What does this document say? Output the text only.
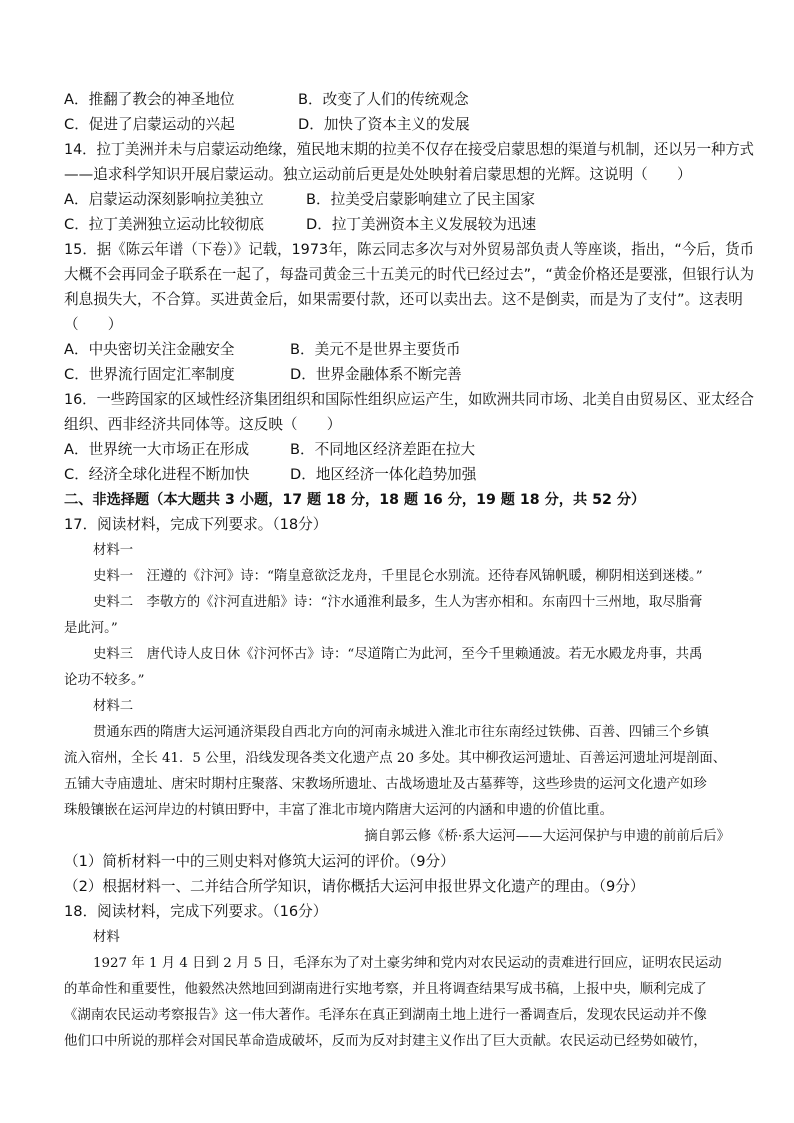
A．推翻了教会的神圣地位	B．改变了人们的传统观念
C．促进了启蒙运动的兴起	D．加快了资本主义的发展
14．拉丁美洲并未与启蒙运动绝缘，殖民地末期的拉美不仅存在接受启蒙思想的渠道与机制，还以另一种方式
——追求科学知识开展启蒙运动。独立运动前后更是处处映射着启蒙思想的光辉。这说明（　　）
A．启蒙运动深刻影响拉美独立	B．拉美受启蒙影响建立了民主国家
C．拉丁美洲独立运动比较彻底	D．拉丁美洲资本主义发展较为迅速
15．据《陈云年谱（下卷）》记载，1973年，陈云同志多次与对外贸易部负责人等座谈，指出，“今后，货币
大概不会再同金子联系在一起了，每盎司黄金三十五美元的时代已经过去”，“黄金价格还是要涨，但银行认为
利息损失大，不合算。买进黄金后，如果需要付款，还可以卖出去。这不是倒卖，而是为了支付”。这表明
（　　）
A．中央密切关注金融安全	B．美元不是世界主要货币
C．世界流行固定汇率制度	D．世界金融体系不断完善
16．一些跨国家的区域性经济集团组织和国际性组织应运产生，如欧洲共同市场、北美自由贸易区、亚太经合
组织、西非经济共同体等。这反映（　　）
A．世界统一大市场正在形成	B．不同地区经济差距在拉大
C．经济全球化进程不断加快	D．地区经济一体化趋势加强
二、非选择题（本大题共 3 小题，17 题 18 分，18 题 16 分，19 题 18 分，共 52 分）
17．阅读材料，完成下列要求。（18分）
材料一
史料一　汪遵的《汴河》诗：“隋皇意欲泛龙舟，千里昆仑水别流。还待春风锦帆暖，柳阴相送到迷楼。”
史料二　李敬方的《汴河直进船》诗：“汴水通淮利最多，生人为害亦相和。东南四十三州地，取尽脂膏
是此河。”
史料三　唐代诗人皮日休《汴河怀古》诗：“尽道隋亡为此河，至今千里赖通波。若无水殿龙舟事，共禹
论功不较多。”
材料二
贯通东西的隋唐大运河通济渠段自西北方向的河南永城进入淮北市往东南经过铁佛、百善、四铺三个乡镇
流入宿州，全长 41．5 公里，沿线发现各类文化遗产点 20 多处。其中柳孜运河遗址、百善运河遗址河堤剖面、
五铺大寺庙遗址、唐宋时期村庄聚落、宋教场所遗址、古战场遗址及古墓葬等，这些珍贵的运河文化遗产如珍
珠般镶嵌在运河岸边的村镇田野中，丰富了淮北市境内隋唐大运河的内涵和申遗的价值比重。
摘自郭云修《桥·系大运河——大运河保护与申遗的前前后后》
（1）简析材料一中的三则史料对修筑大运河的评价。（9分）
（2）根据材料一、二并结合所学知识，请你概括大运河申报世界文化遗产的理由。（9分）
18．阅读材料，完成下列要求。（16分）
材料
1927 年 1 月 4 日到 2 月 5 日，毛泽东为了对土豪劣绅和党内对农民运动的责难进行回应，证明农民运动
的革命性和重要性，他毅然决然地回到湖南进行实地考察，并且将调查结果写成书稿，上报中央，顺利完成了
《湖南农民运动考察报告》这一伟大著作。毛泽东在真正到湖南土地上进行一番调查后，发现农民运动并不像
他们口中所说的那样会对国民革命造成破坏，反而为反对封建主义作出了巨大贡献。农民运动已经势如破竹，
